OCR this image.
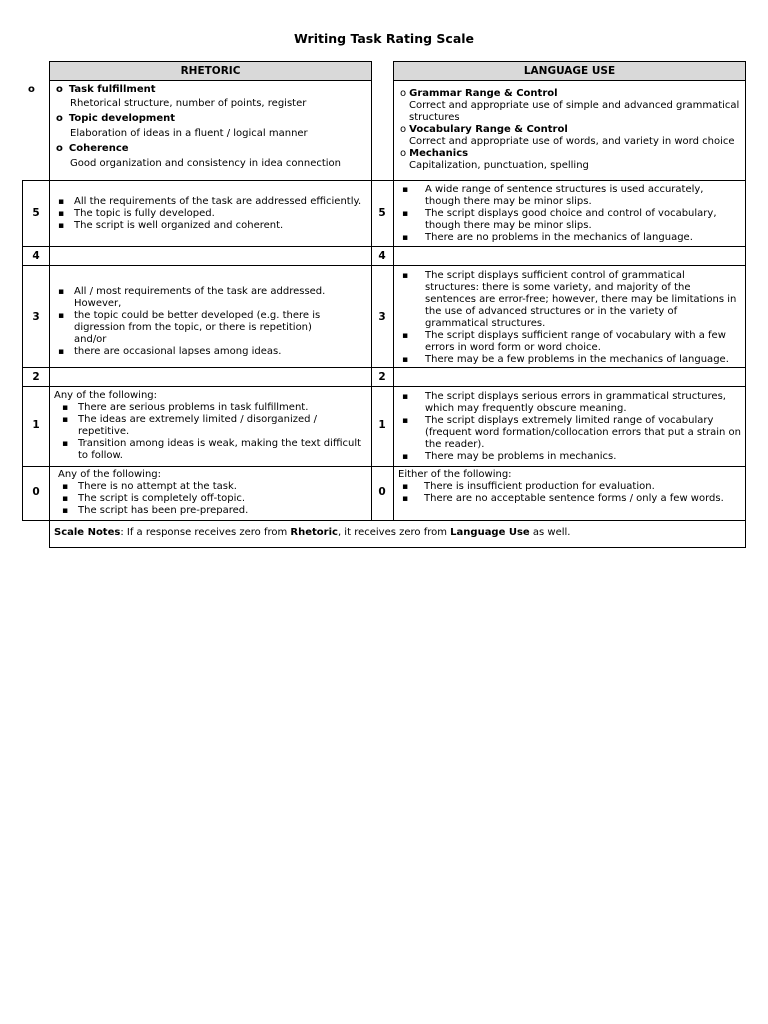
Writing Task Rating Scale
RHETORIC	LANGUAGE USE
o o Task fulfillment
Rhetorical structure, number of points, register
o Topic development
Elaboration of ideas in a fluent / logical manner
o Coherence
Good organization and consistency in idea connection
o Grammar Range & Control
Correct and appropriate use of simple and advanced grammatical structures
o Vocabulary Range & Control
Correct and appropriate use of words, and variety in word choice
o Mechanics
Capitalization, punctuation, spelling
5
4
3
2
1
0
▪ All the requirements of the task are addressed efficiently.
▪ The topic is fully developed.
▪ The script is well organized and coherent.
▪ All / most requirements of the task are addressed. However,
▪ the topic could be better developed (e.g. there is digression from the topic, or there is repetition) and/or
▪ there are occasional lapses among ideas.
Any of the following:
▪ There are serious problems in task fulfillment.
▪ The ideas are extremely limited / disorganized / repetitive.
▪ Transition among ideas is weak, making the text difficult to follow.
Any of the following:
▪ There is no attempt at the task.
▪ The script is completely off-topic.
▪ The script has been pre-prepared.
5
4
3
2
1
0
▪ A wide range of sentence structures is used accurately, though there may be minor slips.
▪ The script displays good choice and control of vocabulary, though there may be minor slips.
▪ There are no problems in the mechanics of language.
▪ The script displays sufficient control of grammatical structures: there is some variety, and majority of the sentences are error-free; however, there may be limitations in the use of advanced structures or in the variety of grammatical structures.
▪ The script displays sufficient range of vocabulary with a few errors in word form or word choice.
▪ There may be a few problems in the mechanics of language.
▪ The script displays serious errors in grammatical structures, which may frequently obscure meaning.
▪ The script displays extremely limited range of vocabulary (frequent word formation/collocation errors that put a strain on the reader).
▪ There may be problems in mechanics.
Either of the following:
▪ There is insufficient production for evaluation.
▪ There are no acceptable sentence forms / only a few words.
Scale Notes: If a response receives zero from Rhetoric, it receives zero from Language Use as well.
